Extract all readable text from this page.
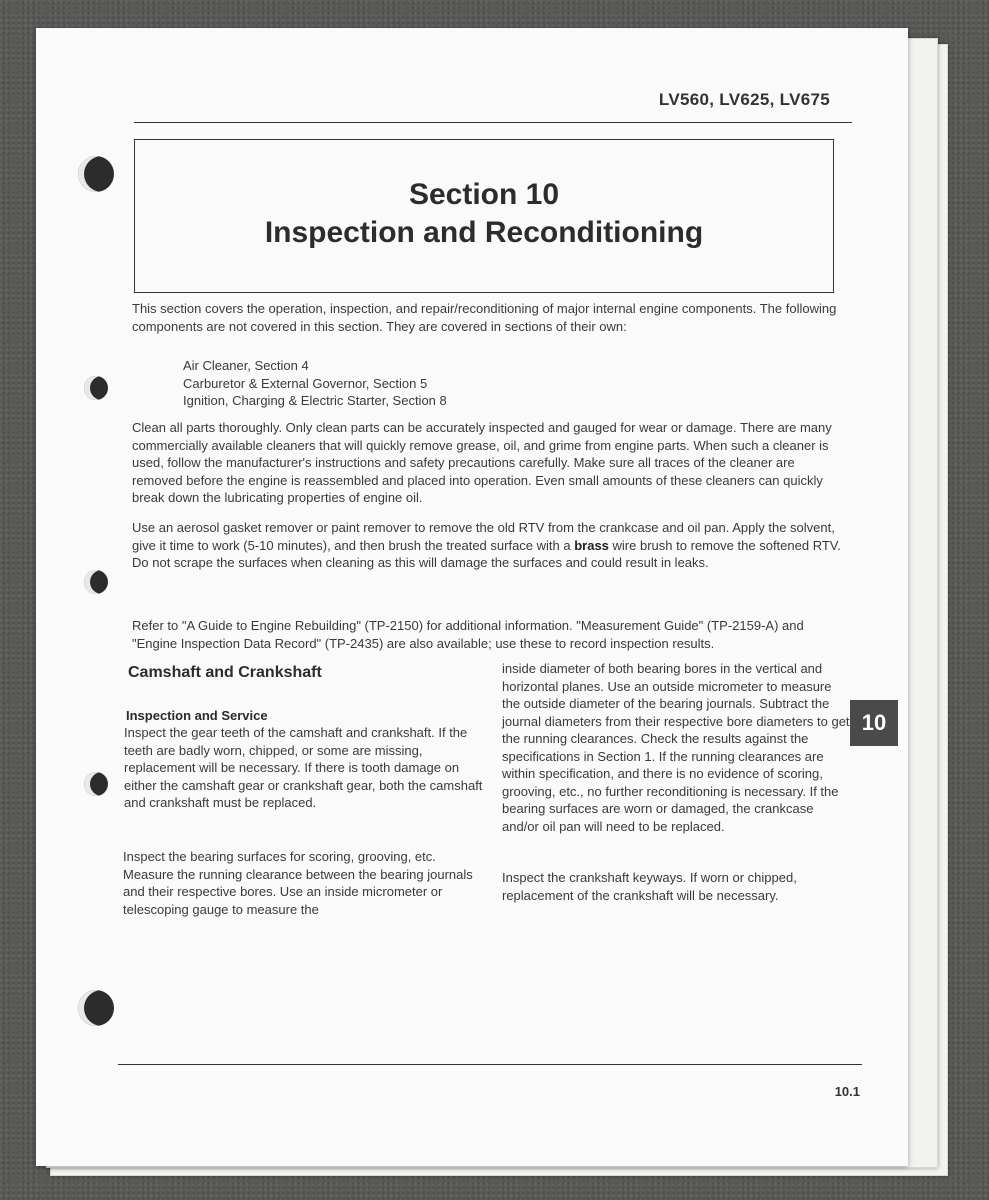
LV560, LV625, LV675
Section 10
Inspection and Reconditioning
This section covers the operation, inspection, and repair/reconditioning of major internal engine components. The following components are not covered in this section. They are covered in sections of their own:
Air Cleaner, Section 4
Carburetor & External Governor, Section 5
Ignition, Charging & Electric Starter, Section 8
Clean all parts thoroughly. Only clean parts can be accurately inspected and gauged for wear or damage. There are many commercially available cleaners that will quickly remove grease, oil, and grime from engine parts. When such a cleaner is used, follow the manufacturer's instructions and safety precautions carefully. Make sure all traces of the cleaner are removed before the engine is reassembled and placed into operation. Even small amounts of these cleaners can quickly break down the lubricating properties of engine oil.
Use an aerosol gasket remover or paint remover to remove the old RTV from the crankcase and oil pan. Apply the solvent, give it time to work (5-10 minutes), and then brush the treated surface with a brass wire brush to remove the softened RTV. Do not scrape the surfaces when cleaning as this will damage the surfaces and could result in leaks.
Refer to "A Guide to Engine Rebuilding" (TP-2150) for additional information. "Measurement Guide" (TP-2159-A) and "Engine Inspection Data Record" (TP-2435) are also available; use these to record inspection results.
Camshaft and Crankshaft
Inspection and Service
Inspect the gear teeth of the camshaft and crankshaft. If the teeth are badly worn, chipped, or some are missing, replacement will be necessary. If there is tooth damage on either the camshaft gear or crankshaft gear, both the camshaft and crankshaft must be replaced.
Inspect the bearing surfaces for scoring, grooving, etc. Measure the running clearance between the bearing journals and their respective bores. Use an inside micrometer or telescoping gauge to measure the
inside diameter of both bearing bores in the vertical and horizontal planes. Use an outside micrometer to measure the outside diameter of the bearing journals. Subtract the journal diameters from their respective bore diameters to get the running clearances. Check the results against the specifications in Section 1. If the running clearances are within specification, and there is no evidence of scoring, grooving, etc., no further reconditioning is necessary. If the bearing surfaces are worn or damaged, the crankcase and/or oil pan will need to be replaced.
Inspect the crankshaft keyways. If worn or chipped, replacement of the crankshaft will be necessary.
10
10.1
